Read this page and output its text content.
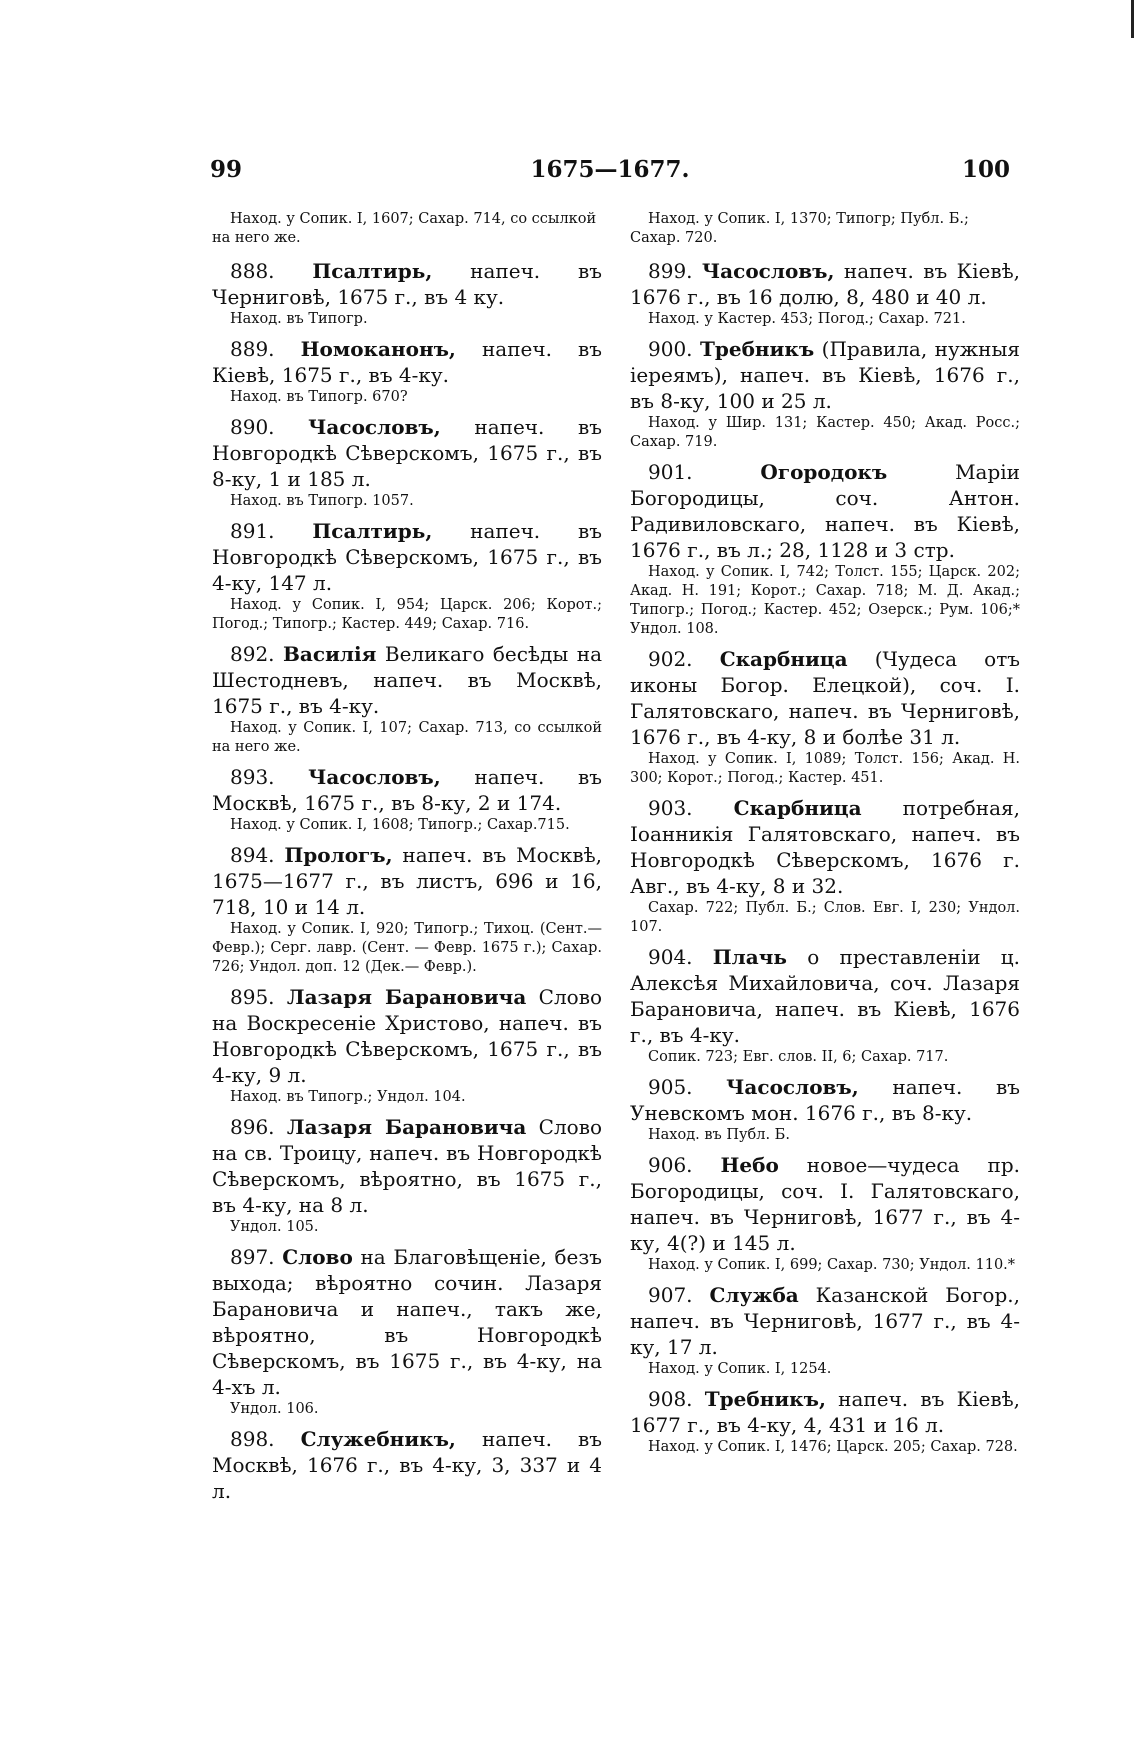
1675—1677.
99	100

Наход. у Сопик. I, 1607; Сахар. 714, со ссылкой на него же.

888. Псалтирь, напеч. въ Черниговѣ, 1675 г., въ 4 ку.

Наход. въ Типогр.

889. Номоканонъ, напеч. въ Кіевѣ, 1675 г., въ 4-ку.

Наход. въ Типогр. 670?

890. Часословъ, напеч. въ Новгородкѣ Сѣверскомъ, 1675 г., въ 8-ку, 1 и 185 л.

Наход. въ Типогр. 1057.

891. Псалтирь, напеч. въ Новгородкѣ Сѣверскомъ, 1675 г., въ 4-ку, 147 л.

Наход. у Сопик. I, 954; Царск. 206; Корот.; Погод.; Типогр.; Кастер. 449; Сахар. 716.

892. Василія Великаго бесѣды на Шестодневъ, напеч. въ Москвѣ, 1675 г., въ 4-ку.

Наход. у Сопик. I, 107; Сахар. 713, со ссылкой на него же.

893. Часословъ, напеч. въ Москвѣ, 1675 г., въ 8-ку, 2 и 174.

Наход. у Сопик. I, 1608; Типогр.; Сахар.715.

894. Прологъ, напеч. въ Москвѣ, 1675—1677 г., въ листъ, 696 и 16, 718, 10 и 14 л.

Наход. у Сопик. I, 920; Типогр.; Тихоц. (Сент.—Февр.); Серг. лавр. (Сент. — Февр. 1675 г.); Сахар. 726; Ундол. доп. 12 (Дек.— Февр.).

895. Лазаря Барановича Слово на Воскресеніе Христово, напеч. въ Новгородкѣ Сѣверскомъ, 1675 г., въ 4-ку, 9 л.

Наход. въ Типогр.; Ундол. 104.

896. Лазаря Барановича Слово на св. Троицу, напеч. въ Новгородкѣ Сѣверскомъ, вѣроятно, въ 1675 г., въ 4-ку, на 8 л.

Ундол. 105.

897. Слово на Благовѣщеніе, безъ выхода; вѣроятно сочин. Лазаря Барановича и напеч., такъ же, вѣроятно, въ Новгородкѣ Сѣверскомъ, въ 1675 г., въ 4-ку, на 4-хъ л.

Ундол. 106.

898. Служебникъ, напеч. въ Москвѣ, 1676 г., въ 4-ку, 3, 337 и 4 л.

Наход. у Сопик. I, 1370; Типогр; Публ. Б.; Сахар. 720.

899. Часословъ, напеч. въ Кіевѣ, 1676 г., въ 16 долю, 8, 480 и 40 л.

Наход. у Кастер. 453; Погод.; Сахар. 721.

900. Требникъ (Правила, нужныя іереямъ), напеч. въ Кіевѣ, 1676 г., въ 8-ку, 100 и 25 л.

Наход. у Шир. 131; Кастер. 450; Акад. Росс.; Сахар. 719.

901.	Огородокъ Маріи Богородицы, соч. Антон. Радивиловскаго, напеч. въ Кіевѣ, 1676 г., въ л.; 28, 1128 и 3 стр.

Наход. у Сопик. I, 742; Толст. 155; Царск. 202; Акад. Н. 191; Корот.; Сахар. 718; М. Д. Акад.; Типогр.; Погод.; Кастер. 452; Озерск.; Рум. 106;* Ундол. 108.

902. Скарбница (Чудеса отъ иконы Богор. Елецкой), соч. І. Галятовскаго, напеч. въ Черниговѣ, 1676 г., въ 4-ку, 8 и болѣе 31 л.

Наход. у Сопик. I, 1089; Толст. 156; Акад. Н. 300; Корот.; Погод.; Кастер. 451.

903. Скарбница потребная, Іоанникія Галятовскаго, напеч. въ Новгородкѣ Сѣверскомъ, 1676 г. Авг., въ 4-ку, 8 и 32.

Сахар. 722; Публ. Б.; Слов. Евг. I, 230; Ундол. 107.

904. Плачь о преставленіи ц. Алексѣя Михайловича, соч. Лазаря Барановича, напеч. въ Кіевѣ, 1676 г., въ 4-ку.

Сопик. 723; Евг. слов. II, 6; Сахар. 717.

905. Часословъ, напеч. въ Уневскомъ мон. 1676 г., въ 8-ку.

Наход. въ Публ. Б.

906. Небо новое—чудеса пр. Богородицы, соч. І. Галятовскаго, напеч. въ Черниговѣ, 1677 г., въ 4-ку, 4(?) и 145 л.

Наход. у Сопик. I, 699; Сахар. 730; Ундол. 110.*

907. Служба Казанской Богор., напеч. въ Черниговѣ, 1677 г., въ 4-ку, 17 л.

Наход. у Сопик. I, 1254.

908. Требникъ, напеч. въ Кіевѣ, 1677 г., въ 4-ку, 4, 431 и 16 л.

Наход. у Сопик. I, 1476; Царск. 205; Сахар. 728.
